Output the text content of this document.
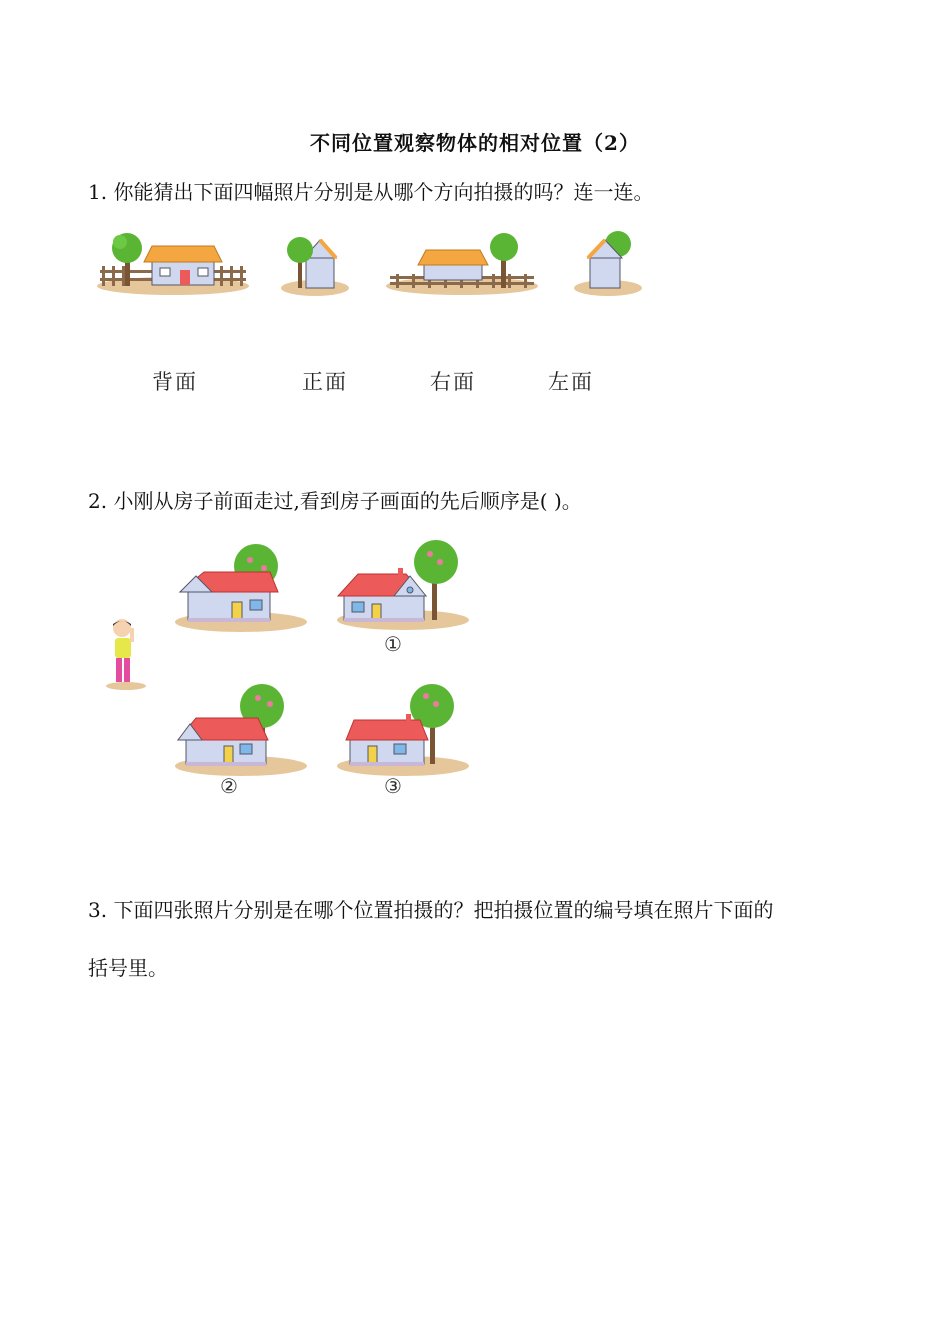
不同位置观察物体的相对位置（2）
1. 你能猜出下面四幅照片分别是从哪个方向拍摄的吗？连一连。
背面	正面	右面	左面
2. 小刚从房子前面走过,看到房子画面的先后顺序是( )。
①
②	③
3. 下面四张照片分别是在哪个位置拍摄的？把拍摄位置的编号填在照片下面的
括号里。
